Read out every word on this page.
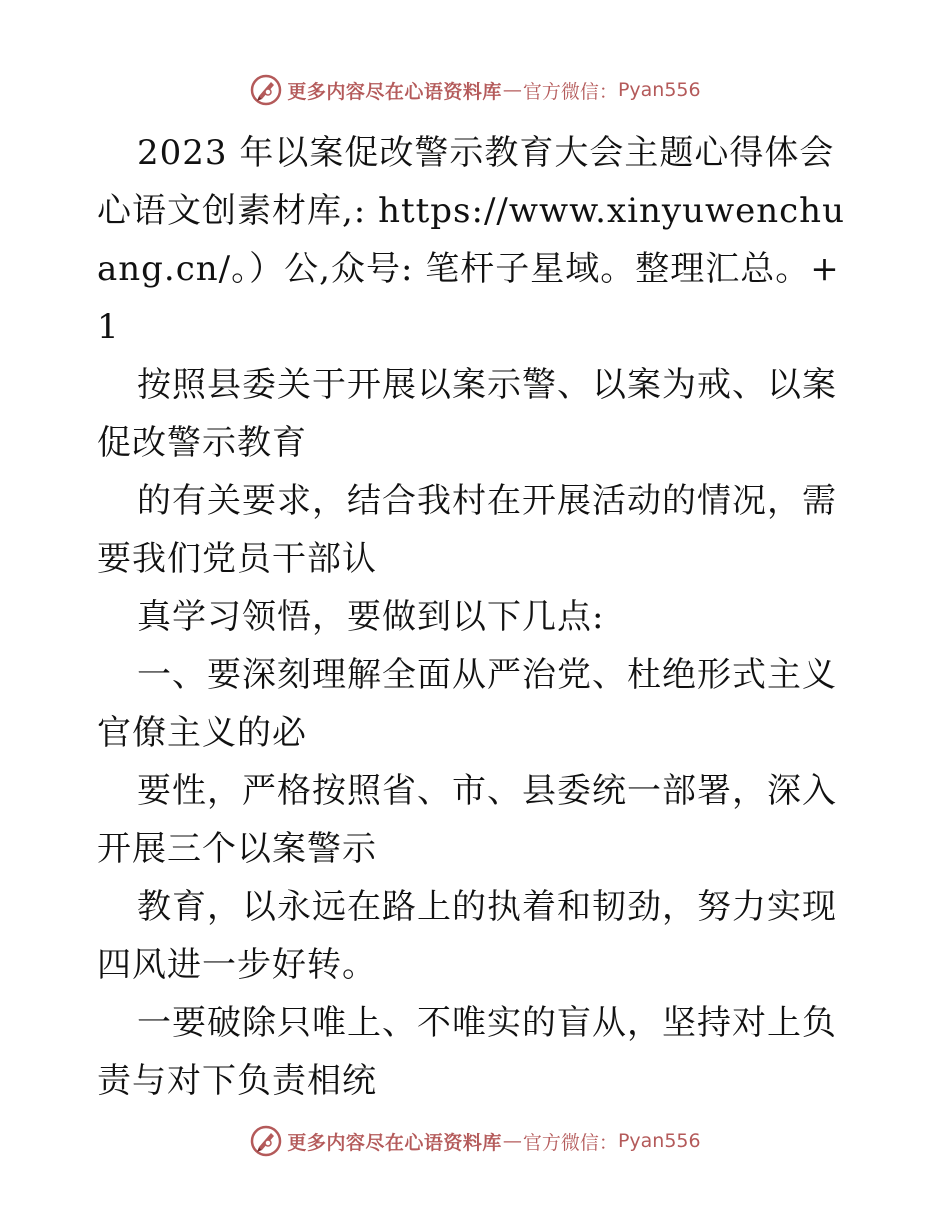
更多内容尽在心语资料库 — 官方微信： Pyan556

2023 年以案促改警示教育大会主题心得体会 心语文创素材库,: https://www.xinyuwenchuang.cn/。）公,众号: 笔杆子星域。整理汇总。+1

按照县委关于开展以案示警、以案为戒、以案促改警示教育

的有关要求，结合我村在开展活动的情况，需要我们党员干部认

真学习领悟，要做到以下几点:

一、要深刻理解全面从严治党、杜绝形式主义官僚主义的必

要性，严格按照省、市、县委统一部署，深入开展三个以案警示

教育，以永远在路上的执着和韧劲，努力实现四风进一步好转。

一要破除只唯上、不唯实的盲从，坚持对上负责与对下负责相统

更多内容尽在心语资料库 — 官方微信： Pyan556
